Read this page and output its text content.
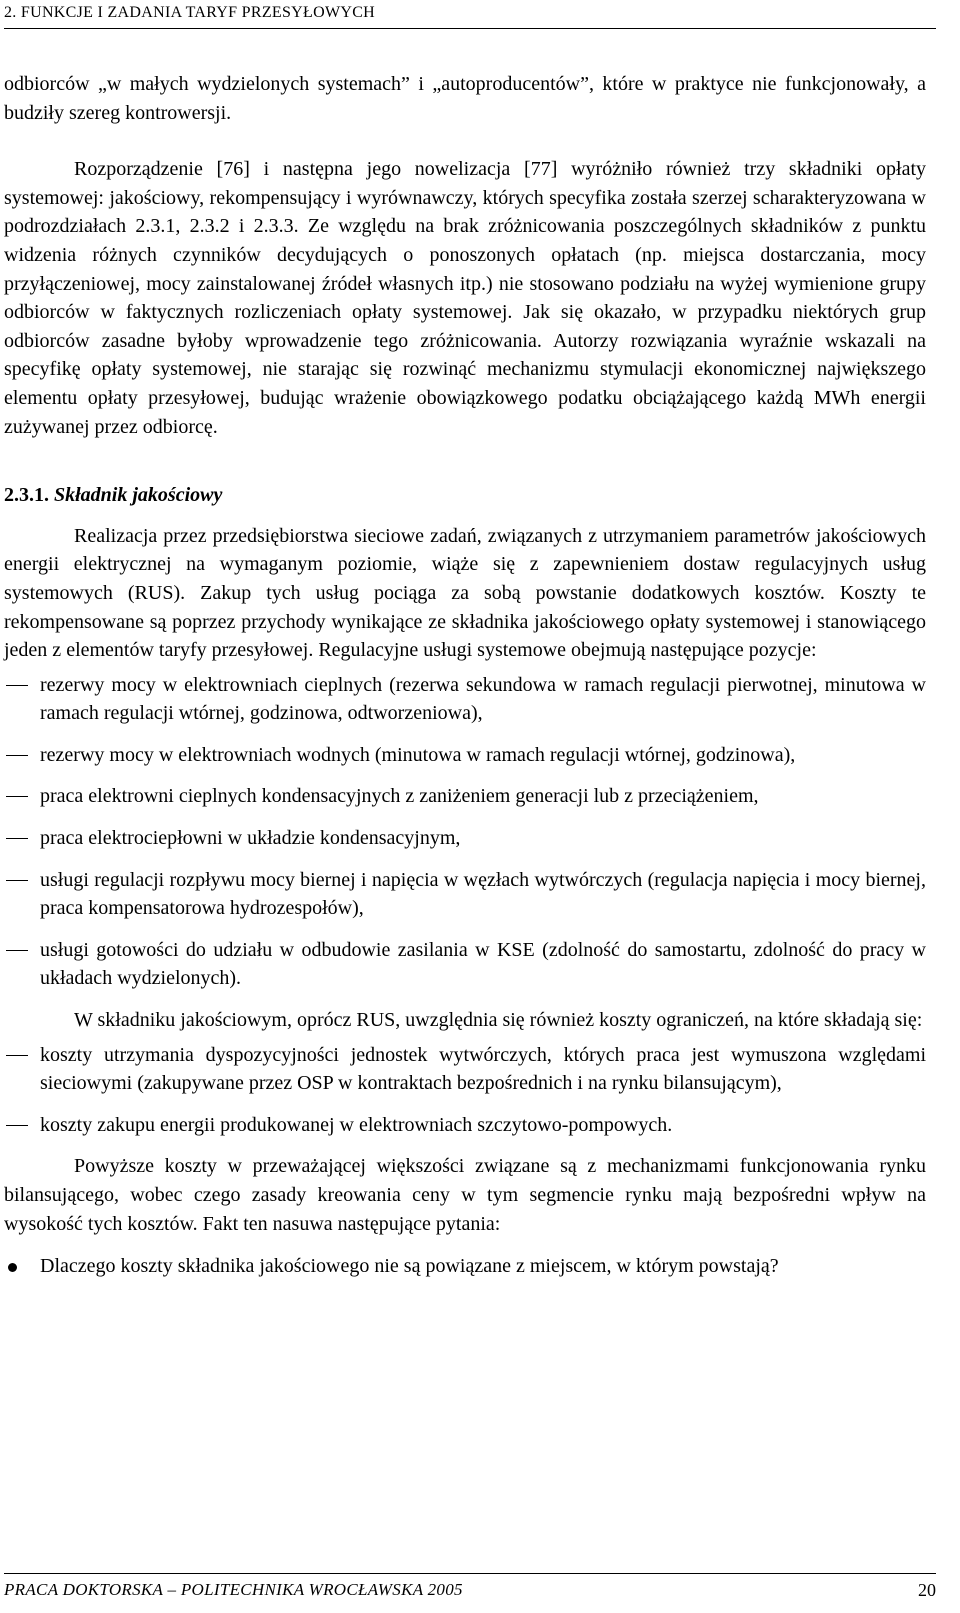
2. FUNKCJE I ZADANIA TARYF PRZESYŁOWYCH

odbiorców „w małych wydzielonych systemach” i „autoproducentów”, które w praktyce nie funkcjonowały, a budziły szereg kontrowersji.

Rozporządzenie [76] i następna jego nowelizacja [77] wyróżniło również trzy składniki opłaty systemowej: jakościowy, rekompensujący i wyrównawczy, których specyfika została szerzej scharakteryzowana w podrozdziałach 2.3.1, 2.3.2 i 2.3.3. Ze względu na brak zróżnicowania poszczególnych składników z punktu widzenia różnych czynników decydujących o ponoszonych opłatach (np. miejsca dostarczania, mocy przyłączeniowej, mocy zainstalowanej źródeł własnych itp.) nie stosowano podziału na wyżej wymienione grupy odbiorców w faktycznych rozliczeniach opłaty systemowej. Jak się okazało, w przypadku niektórych grup odbiorców zasadne byłoby wprowadzenie tego zróżnicowania. Autorzy rozwiązania wyraźnie wskazali na specyfikę opłaty systemowej, nie starając się rozwinąć mechanizmu stymulacji ekonomicznej największego elementu opłaty przesyłowej, budując wrażenie obowiązkowego podatku obciążającego każdą MWh energii zużywanej przez odbiorcę.

2.3.1. Składnik jakościowy

Realizacja przez przedsiębiorstwa sieciowe zadań, związanych z utrzymaniem parametrów jakościowych energii elektrycznej na wymaganym poziomie, wiąże się z zapewnieniem dostaw regulacyjnych usług systemowych (RUS). Zakup tych usług pociąga za sobą powstanie dodatkowych kosztów. Koszty te rekompensowane są poprzez przychody wynikające ze składnika jakościowego opłaty systemowej i stanowiącego jeden z elementów taryfy przesyłowej. Regulacyjne usługi systemowe obejmują następujące pozycje:

rezerwy mocy w elektrowniach cieplnych (rezerwa sekundowa w ramach regulacji pierwotnej, minutowa w ramach regulacji wtórnej, godzinowa, odtworzeniowa),
rezerwy mocy w elektrowniach wodnych (minutowa w ramach regulacji wtórnej, godzinowa),
praca elektrowni cieplnych kondensacyjnych z zaniżeniem generacji lub z przeciążeniem,
praca elektrociepłowni w układzie kondensacyjnym,
usługi regulacji rozpływu mocy biernej i napięcia w węzłach wytwórczych (regulacja napięcia i mocy biernej, praca kompensatorowa hydrozespołów),
usługi gotowości do udziału w odbudowie zasilania w KSE (zdolność do samostartu, zdolność do pracy w układach wydzielonych).

W składniku jakościowym, oprócz RUS, uwzględnia się również koszty ograniczeń, na które składają się:

koszty utrzymania dyspozycyjności jednostek wytwórczych, których praca jest wymuszona względami sieciowymi (zakupywane przez OSP w kontraktach bezpośrednich i na rynku bilansującym),
koszty zakupu energii produkowanej w elektrowniach szczytowo-pompowych.

Powyższe koszty w przeważającej większości związane są z mechanizmami funkcjonowania rynku bilansującego, wobec czego zasady kreowania ceny w tym segmencie rynku mają bezpośredni wpływ na wysokość tych kosztów. Fakt ten nasuwa następujące pytania:

Dlaczego koszty składnika jakościowego nie są powiązane z miejscem, w którym powstają?
PRACA DOKTORSKA – POLITECHNIKA WROCŁAWSKA 2005	20
